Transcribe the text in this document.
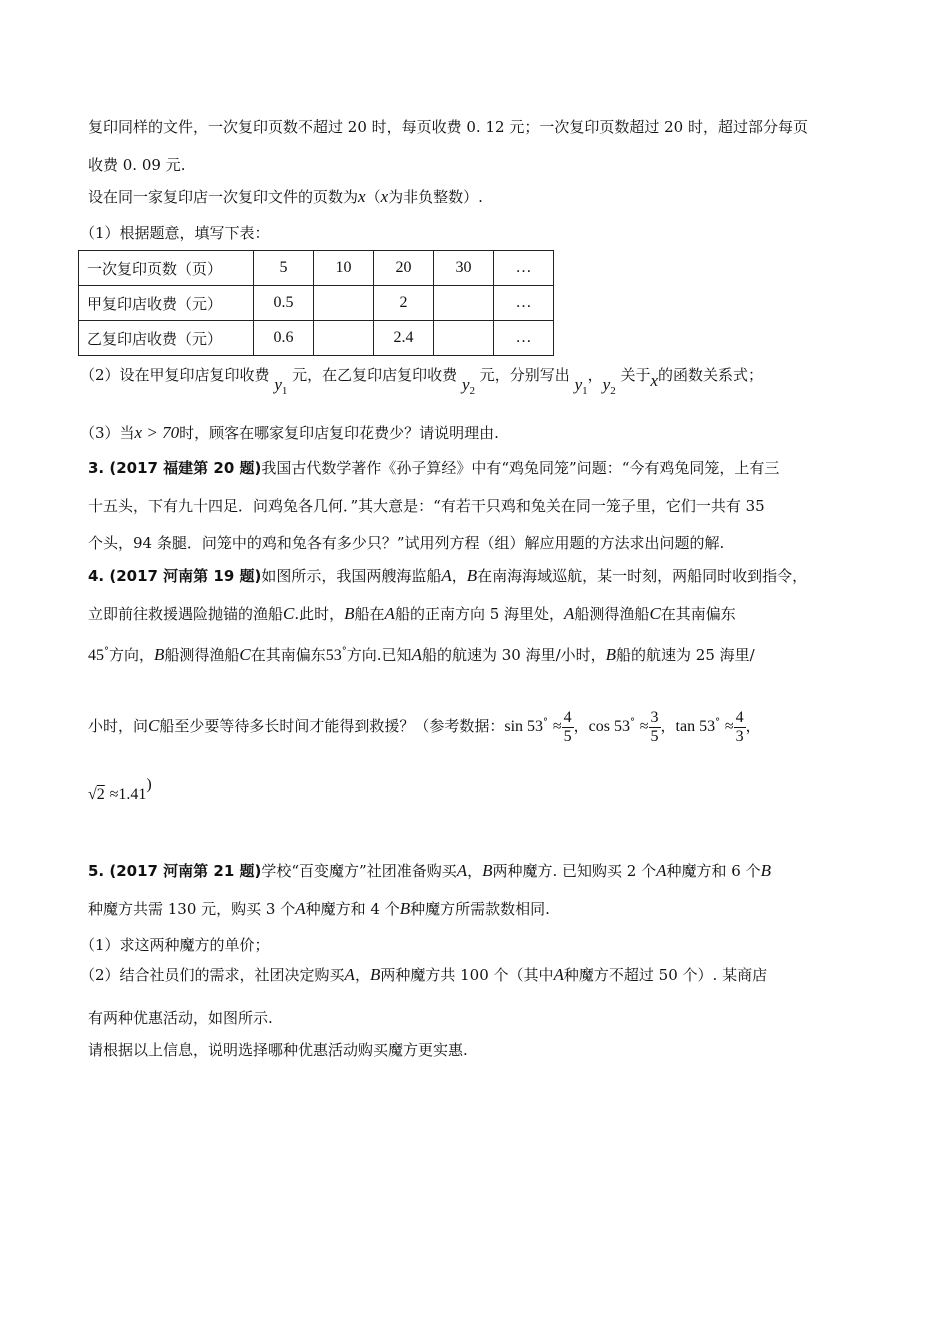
复印同样的文件，一次复印页数不超过 20 时，每页收费 0. 12 元；一次复印页数超过 20 时，超过部分每页
收费 0. 09 元.
设在同一家复印店一次复印文件的页数为x（x为非负整数）.
（1）根据题意，填写下表：
一次复印页数（页）	5	10	20	30	…
甲复印店收费（元）	0.5		2		…
乙复印店收费（元）	0.6		2.4		…
（2）设在甲复印店复印收费 $y_1$ 元，在乙复印店复印收费 $y_2$ 元，分别写出 $y_1$，$y_2$ 关于x的函数关系式；
（3）当x > 70时，顾客在哪家复印店复印花费少？请说明理由.
3. (2017 福建第 20 题)我国古代数学著作《孙子算经》中有“鸡兔同笼”问题：“今有鸡兔同笼，上有三
十五头，下有九十四足．问鸡兔各几何．”其大意是：“有若干只鸡和兔关在同一笼子里，它们一共有 35
个头，94 条腿．问笼中的鸡和兔各有多少只？”试用列方程（组）解应用题的方法求出问题的解.
4. (2017 河南第 19 题)如图所示，我国两艘海监船A，B在南海海域巡航，某一时刻，两船同时收到指令，
立即前往救援遇险抛锚的渔船C.此时，B船在A船的正南方向 5 海里处，A船测得渔船C在其南偏东
45°方向，B船测得渔船C在其南偏东53°方向.已知A船的航速为 30 海里/小时，B船的航速为 25 海里/
小时，问C船至少要等待多长时间才能得到救援？（参考数据：$\sin 53^\circ \approx \frac{4}{5}$ ，$\cos 53^\circ \approx \frac{3}{5}$ ，$\tan 53^\circ \approx \frac{4}{3}$ ，
√2 ≈1.41)
5. (2017 河南第 21 题)学校“百变魔方”社团准备购买A，B两种魔方. 已知购买 2 个A种魔方和 6 个B
种魔方共需 130 元，购买 3 个A种魔方和 4 个B种魔方所需款数相同.
（1）求这两种魔方的单价；
（2）结合社员们的需求，社团决定购买A，B两种魔方共 100 个（其中A种魔方不超过 50 个）. 某商店
有两种优惠活动，如图所示.
请根据以上信息，说明选择哪种优惠活动购买魔方更实惠.
